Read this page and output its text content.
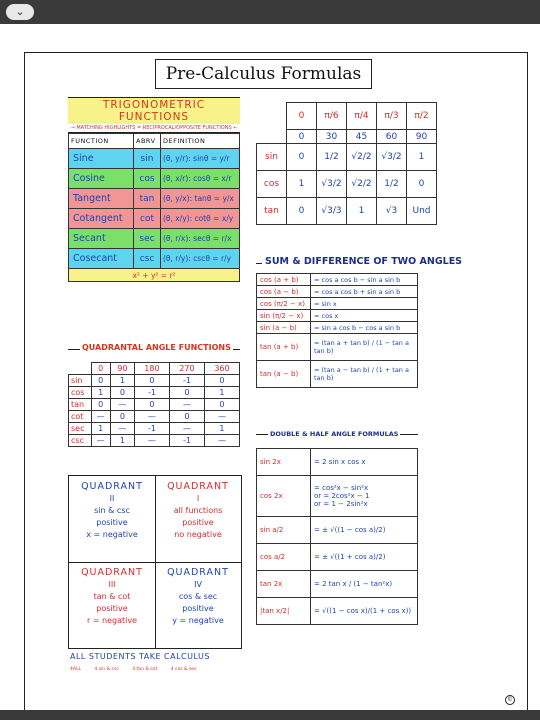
⌄
Pre-Calculus Formulas
TRIGONOMETRIC FUNCTIONS
→ MATCHING HIGHLIGHTS = RECIPROCAL/OPPOSITE FUNCTIONS ←
FUNCTION	ABRV	DEFINITION
Sine	sin	(θ, y/r): sinθ = y/r
Cosine	cos	(θ, x/r): cosθ = x/r
Tangent	tan	(θ, y/x): tanθ = y/x
Cotangent	cot	(θ, x/y): cotθ = x/y
Secant	sec	(θ, r/x): secθ = r/x
Cosecant	csc	(θ, r/y): cscθ = r/y
x² + y² = r²		
	0	π/6	π/4	π/3	π/2
	0	30	45	60	90
sin	0	1/2	√2/2	√3/2	1
cos	1	√3/2	√2/2	1/2	0
tan	0	√3/3	1	√3	Und
SUM & DIFFERENCE OF TWO ANGLES
cos (a + b)	= cos a cos b − sin a sin b
cos (a − b)	= cos a cos b + sin a sin b
cos (π/2 − x)	= sin x
sin (π/2 − x)	= cos x
sin (a − b)	= sin a cos b − cos a sin b
tan (a + b)	= (tan a + tan b) / (1 − tan a tan b)
tan (a − b)	= (tan a − tan b) / (1 + tan a tan b)
QUADRANTAL ANGLE FUNCTIONS
	0	90	180	270	360
sin	0	1	0	-1	0
cos	1	0	-1	0	1
tan	0	—	0	—	0
cot	—	0	—	0	—
sec	1	—	-1	—	1
csc	—	1	—	-1	—
QUADRANT
II
sin & csc
positive
x = negative
QUADRANT
I
all functions
positive
no negative
QUADRANT
III
tan & cot
positive
r = negative
QUADRANT
IV
cos & sec
positive
y = negative
ALL STUDENTS TAKE CALCULUS
4ALL	4 sin & csc	4 tan & cot	4 cos & sec
DOUBLE & HALF ANGLE FORMULAS
sin 2x	= 2 sin x cos x

cos 2x	= cos²x − sin²x
or = 2cos²x − 1
or = 1 − 2sin²x

sin a/2	= ± √((1 − cos a)/2)

cos a/2	= ± √((1 + cos a)/2)

tan 2x	= 2 tan x / (1 − tan²x)

|tan x/2|	= √((1 − cos x)/(1 + cos x))
©
